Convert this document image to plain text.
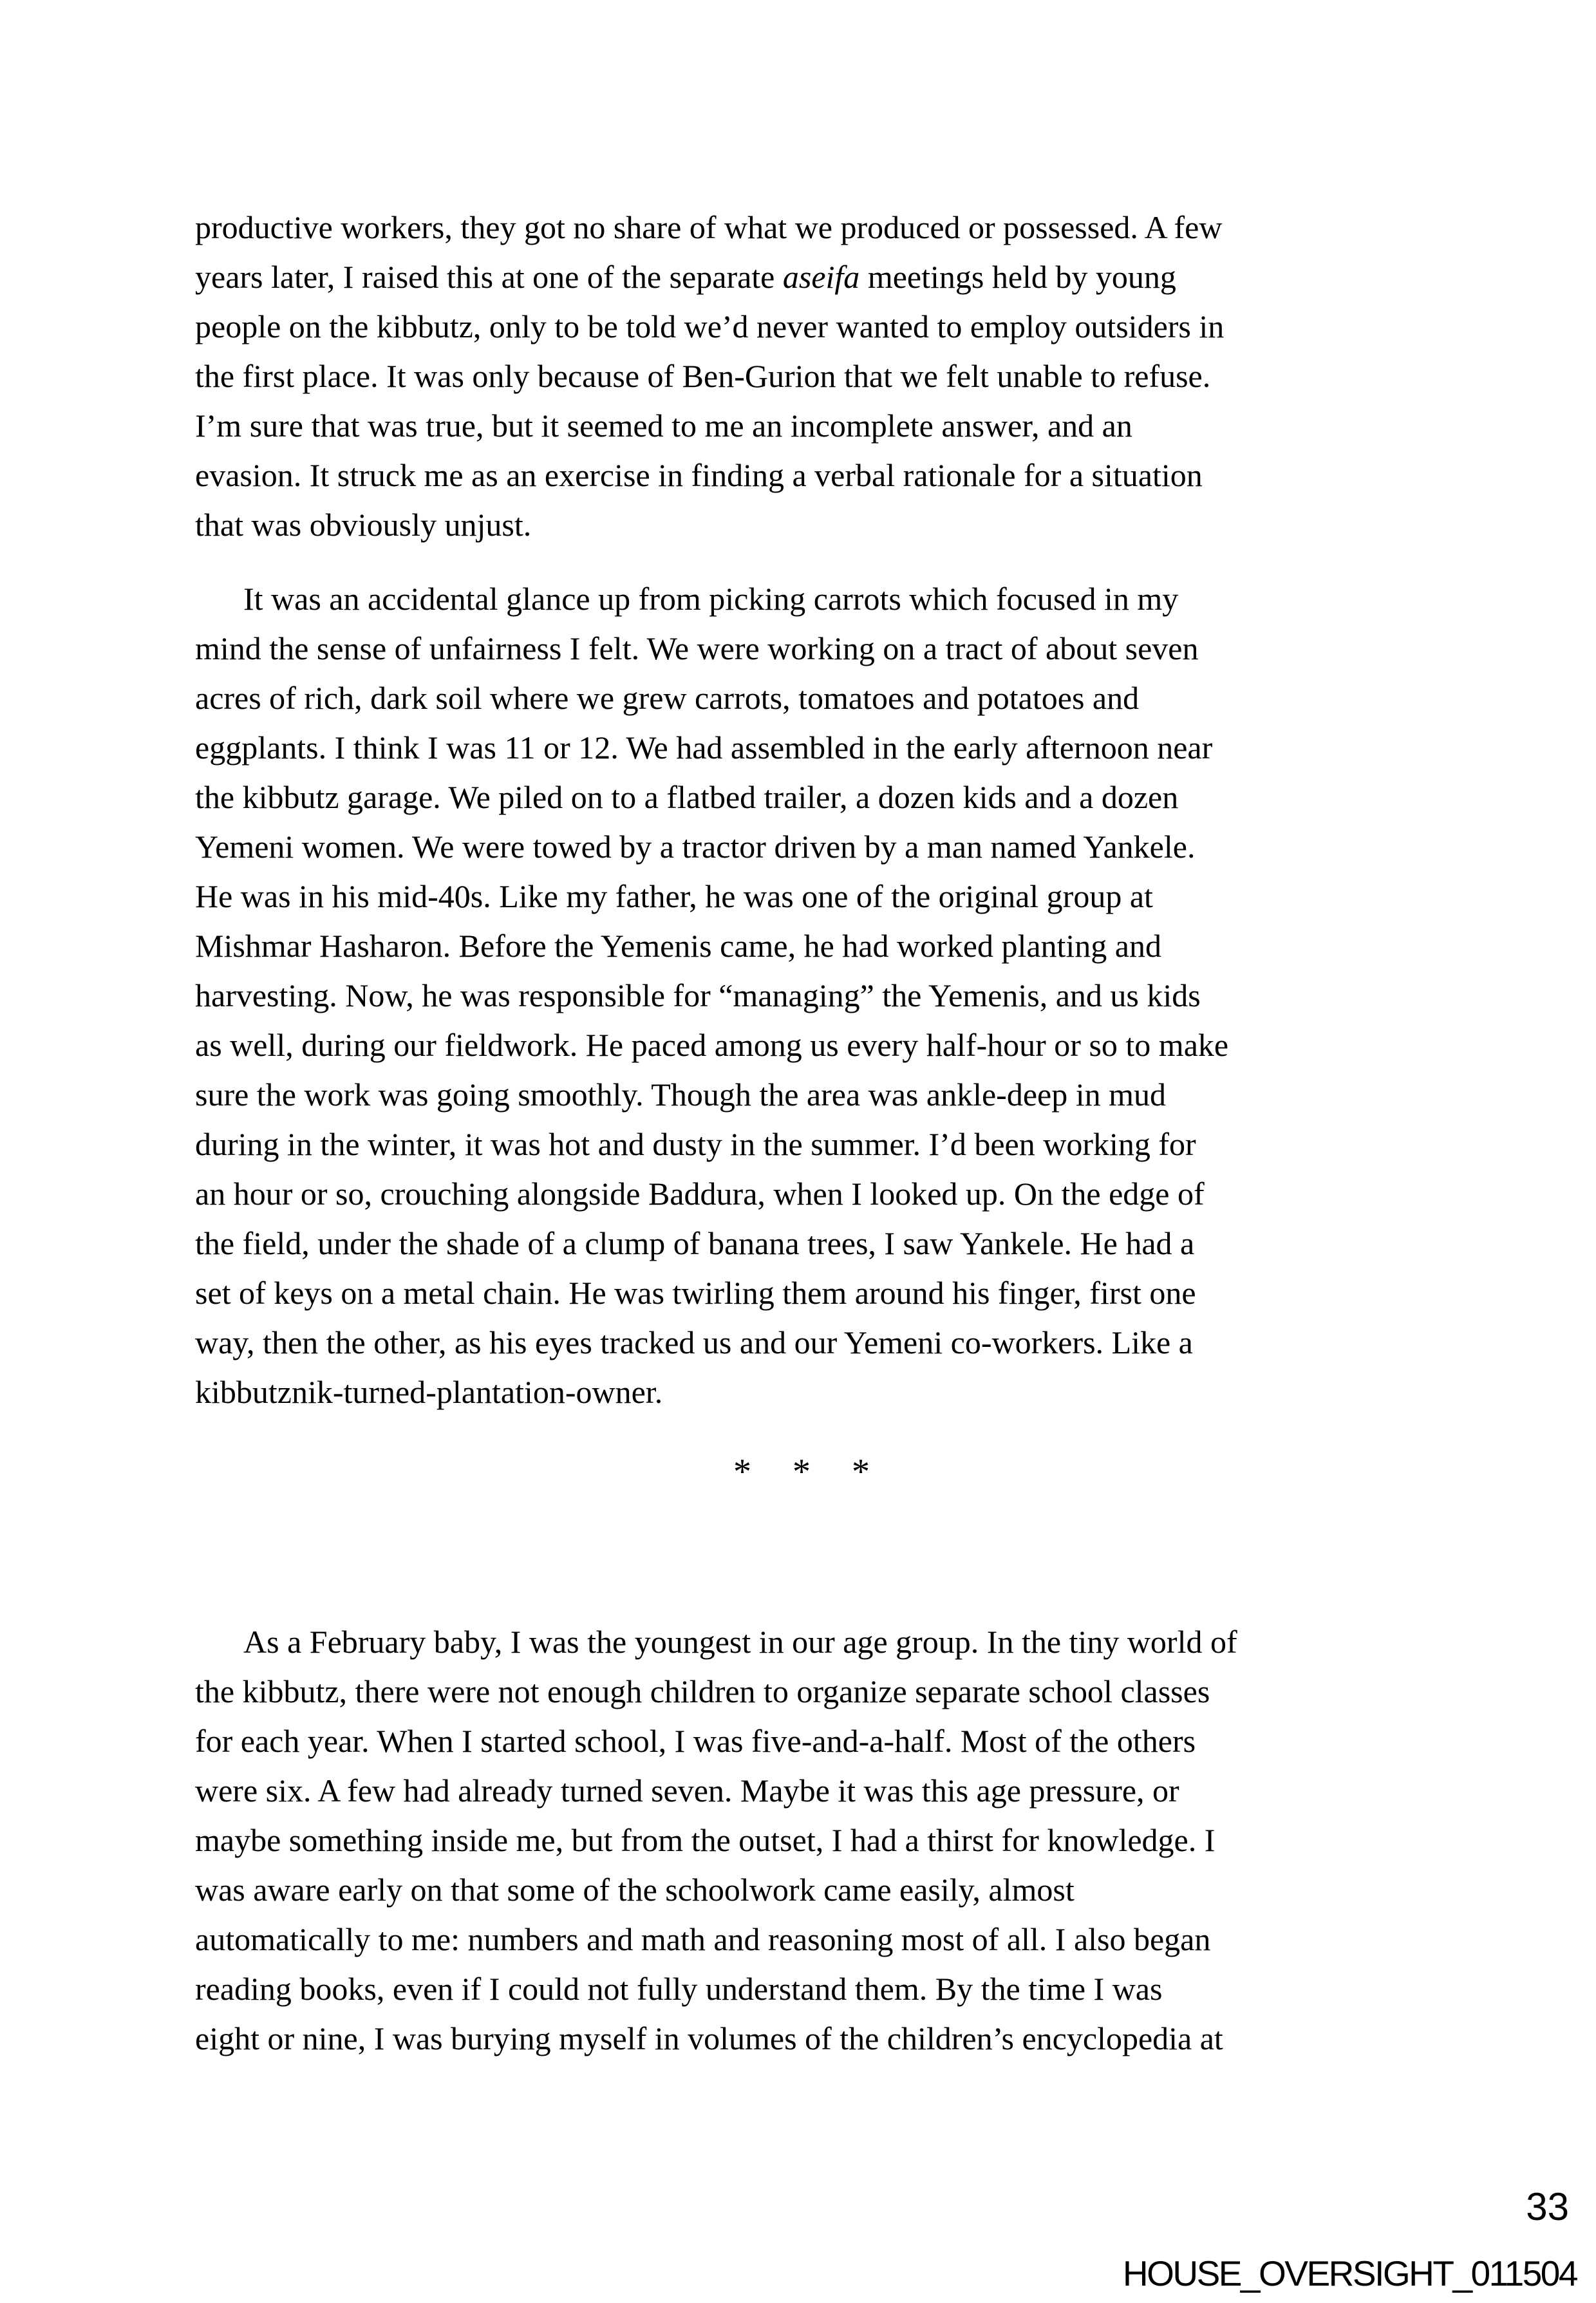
productive workers, they got no share of what we produced or possessed. A few
years later, I raised this at one of the separate aseifa meetings held by young
people on the kibbutz, only to be told we’d never wanted to employ outsiders in
the first place. It was only because of Ben-Gurion that we felt unable to refuse.
I’m sure that was true, but it seemed to me an incomplete answer, and an
evasion. It struck me as an exercise in finding a verbal rationale for a situation
that was obviously unjust.
It was an accidental glance up from picking carrots which focused in my
mind the sense of unfairness I felt. We were working on a tract of about seven
acres of rich, dark soil where we grew carrots, tomatoes and potatoes and
eggplants. I think I was 11 or 12. We had assembled in the early afternoon near
the kibbutz garage. We piled on to a flatbed trailer, a dozen kids and a dozen
Yemeni women. We were towed by a tractor driven by a man named Yankele.
He was in his mid-40s. Like my father, he was one of the original group at
Mishmar Hasharon. Before the Yemenis came, he had worked planting and
harvesting. Now, he was responsible for “managing” the Yemenis, and us kids
as well, during our fieldwork. He paced among us every half-hour or so to make
sure the work was going smoothly. Though the area was ankle-deep in mud
during in the winter, it was hot and dusty in the summer. I’d been working for
an hour or so, crouching alongside Baddura, when I looked up. On the edge of
the field, under the shade of a clump of banana trees, I saw Yankele. He had a
set of keys on a metal chain. He was twirling them around his finger, first one
way, then the other, as his eyes tracked us and our Yemeni co-workers. Like a
kibbutznik-turned-plantation-owner.
* * *
As a February baby, I was the youngest in our age group. In the tiny world of
the kibbutz, there were not enough children to organize separate school classes
for each year. When I started school, I was five-and-a-half. Most of the others
were six. A few had already turned seven. Maybe it was this age pressure, or
maybe something inside me, but from the outset, I had a thirst for knowledge. I
was aware early on that some of the schoolwork came easily, almost
automatically to me: numbers and math and reasoning most of all. I also began
reading books, even if I could not fully understand them. By the time I was
eight or nine, I was burying myself in volumes of the children’s encyclopedia at
33
HOUSE_OVERSIGHT_011504
